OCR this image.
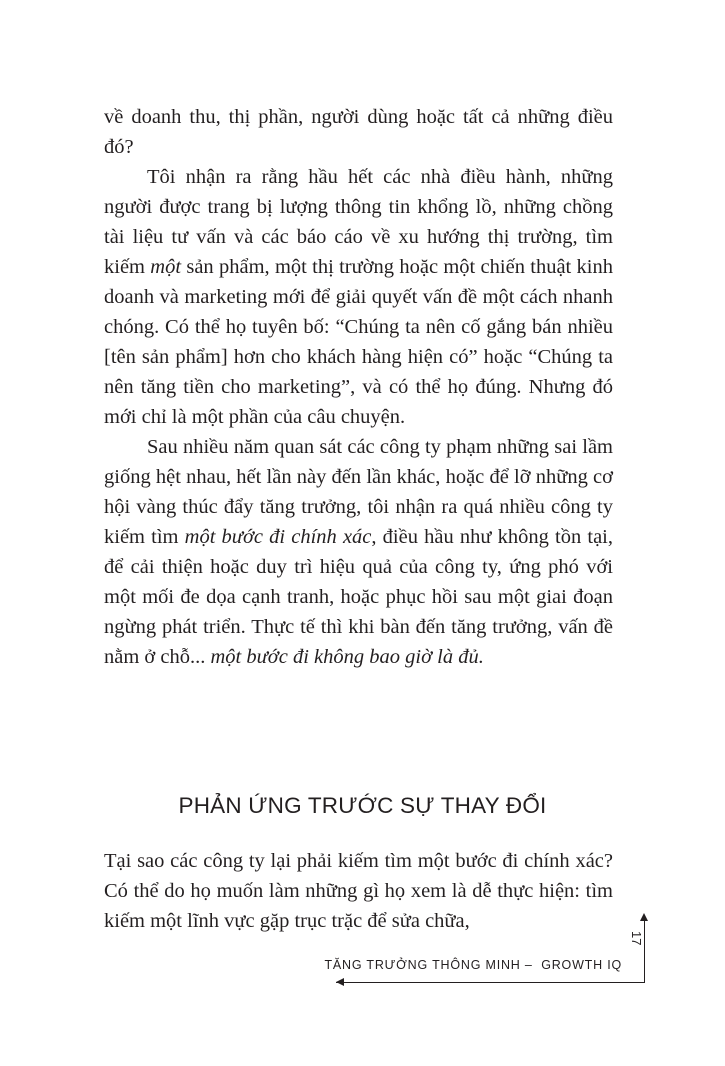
về doanh thu, thị phần, người dùng hoặc tất cả những điều đó?

Tôi nhận ra rằng hầu hết các nhà điều hành, những người được trang bị lượng thông tin khổng lồ, những chồng tài liệu tư vấn và các báo cáo về xu hướng thị trường, tìm kiếm một sản phẩm, một thị trường hoặc một chiến thuật kinh doanh và marketing mới để giải quyết vấn đề một cách nhanh chóng. Có thể họ tuyên bố: “Chúng ta nên cố gắng bán nhiều [tên sản phẩm] hơn cho khách hàng hiện có” hoặc “Chúng ta nên tăng tiền cho marketing”, và có thể họ đúng. Nhưng đó mới chỉ là một phần của câu chuyện.

Sau nhiều năm quan sát các công ty phạm những sai lầm giống hệt nhau, hết lần này đến lần khác, hoặc để lỡ những cơ hội vàng thúc đẩy tăng trưởng, tôi nhận ra quá nhiều công ty kiếm tìm một bước đi chính xác, điều hầu như không tồn tại, để cải thiện hoặc duy trì hiệu quả của công ty, ứng phó với một mối đe dọa cạnh tranh, hoặc phục hồi sau một giai đoạn ngừng phát triển. Thực tế thì khi bàn đến tăng trưởng, vấn đề nằm ở chỗ... một bước đi không bao giờ là đủ.

PHẢN ỨNG TRƯỚC SỰ THAY ĐỔI

Tại sao các công ty lại phải kiếm tìm một bước đi chính xác? Có thể do họ muốn làm những gì họ xem là dễ thực hiện: tìm kiếm một lĩnh vực gặp trục trặc để sửa chữa,

TĂNG TRƯỞNG THÔNG MINH –  GROWTH IQ
17
